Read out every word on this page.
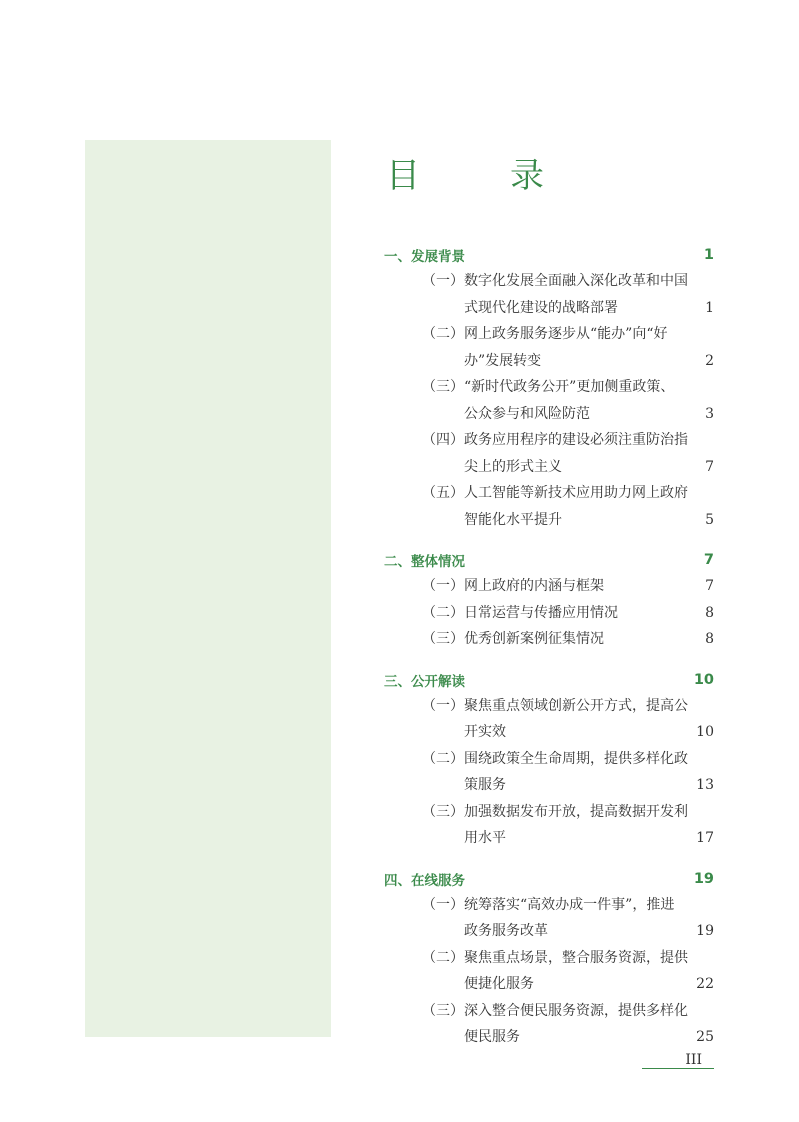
目　录
一、发展背景	1
（一） 数字化发展全面融入深化改革和中国
式现代化建设的战略部署	1
（二） 网上政务服务逐步从“能办”向“好
办”发展转变	2
（三） “新时代政务公开”更加侧重政策、
公众参与和风险防范	3
（四） 政务应用程序的建设必须注重防治指
尖上的形式主义	7
（五） 人工智能等新技术应用助力网上政府
智能化水平提升	5
二、整体情况	7
（一） 网上政府的内涵与框架	7
（二） 日常运营与传播应用情况	8
（三） 优秀创新案例征集情况	8
三、公开解读	10
（一） 聚焦重点领域创新公开方式，提高公
开实效	10
（二） 围绕政策全生命周期，提供多样化政
策服务	13
（三） 加强数据发布开放，提高数据开发利
用水平	17
四、在线服务	19
（一） 统筹落实“高效办成一件事”，推进
政务服务改革	19
（二） 聚焦重点场景，整合服务资源，提供
便捷化服务	22
（三） 深入整合便民服务资源，提供多样化
便民服务	25
III
